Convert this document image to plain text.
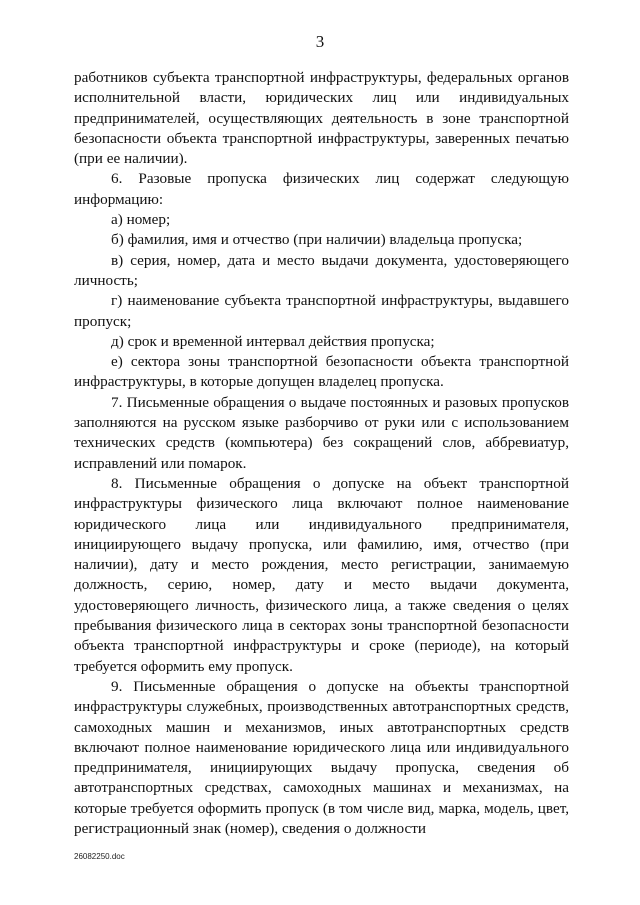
3

работников субъекта транспортной инфраструктуры, федеральных органов исполнительной власти, юридических лиц или индивидуальных предпринимателей, осуществляющих деятельность в зоне транспортной безопасности объекта транспортной инфраструктуры, заверенных печатью (при ее наличии).

6. Разовые пропуска физических лиц содержат следующую информацию:

а) номер;

б) фамилия, имя и отчество (при наличии) владельца пропуска;

в) серия, номер, дата и место выдачи документа, удостоверяющего личность;

г) наименование субъекта транспортной инфраструктуры, выдавшего пропуск;

д) срок и временной интервал действия пропуска;

е) сектора зоны транспортной безопасности объекта транспортной инфраструктуры, в которые допущен владелец пропуска.

7. Письменные обращения о выдаче постоянных и разовых пропусков заполняются на русском языке разборчиво от руки или с использованием технических средств (компьютера) без сокращений слов, аббревиатур, исправлений или помарок.

8. Письменные обращения о допуске на объект транспортной инфраструктуры физического лица включают полное наименование юридического лица или индивидуального предпринимателя, инициирующего выдачу пропуска, или фамилию, имя, отчество (при наличии), дату и место рождения, место регистрации, занимаемую должность, серию, номер, дату и место выдачи документа, удостоверяющего личность, физического лица, а также сведения о целях пребывания физического лица в секторах зоны транспортной безопасности объекта транспортной инфраструктуры и сроке (периоде), на который требуется оформить ему пропуск.

9. Письменные обращения о допуске на объекты транспортной инфраструктуры служебных, производственных автотранспортных средств, самоходных машин и механизмов, иных автотранспортных средств включают полное наименование юридического лица или индивидуального предпринимателя, инициирующих выдачу пропуска, сведения об автотранспортных средствах, самоходных машинах и механизмах, на которые требуется оформить пропуск (в том числе вид, марка, модель, цвет, регистрационный знак (номер), сведения о должности

26082250.doc
